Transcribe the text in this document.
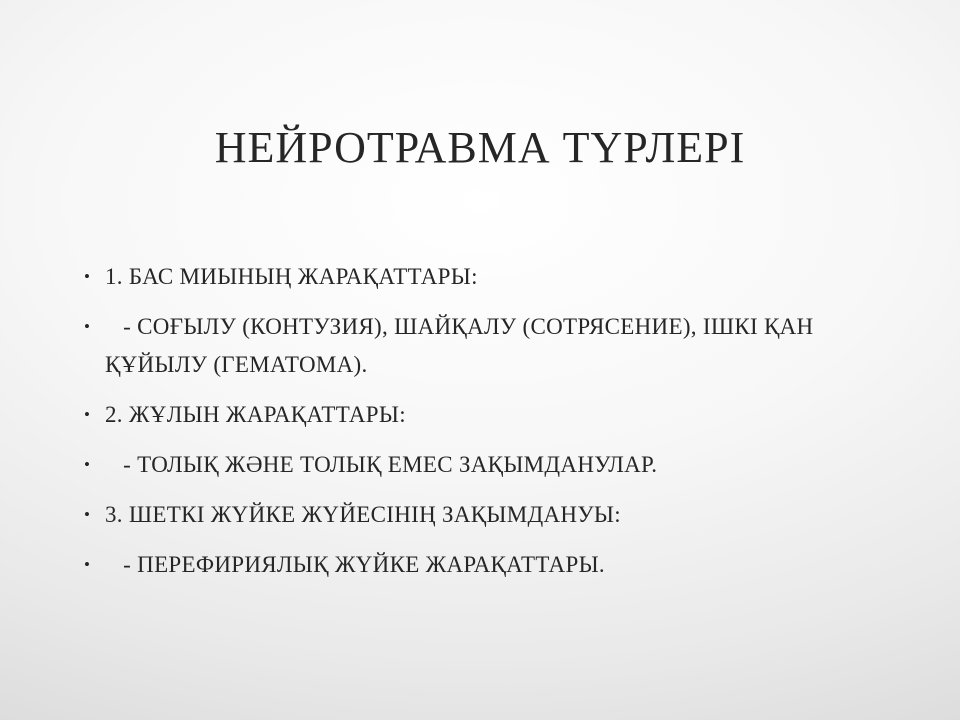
НЕЙРОТРАВМА ТҮРЛЕРІ
• 1. БАС МИЫНЫҢ ЖАРАҚАТТАРЫ:
• - СОҒЫЛУ (КОНТУЗИЯ), ШАЙҚАЛУ (СОТРЯСЕНИЕ), ІШКІ ҚАН ҚҰЙЫЛУ (ГЕМАТОМА).
• 2. ЖҰЛЫН ЖАРАҚАТТАРЫ:
• - ТОЛЫҚ ЖӘНЕ ТОЛЫҚ ЕМЕС ЗАҚЫМДАНУЛАР.
• 3. ШЕТКІ ЖҮЙКЕ ЖҮЙЕСІНІҢ ЗАҚЫМДАНУЫ:
• - ПЕРЕФИРИЯЛЫҚ ЖҮЙКЕ ЖАРАҚАТТАРЫ.
